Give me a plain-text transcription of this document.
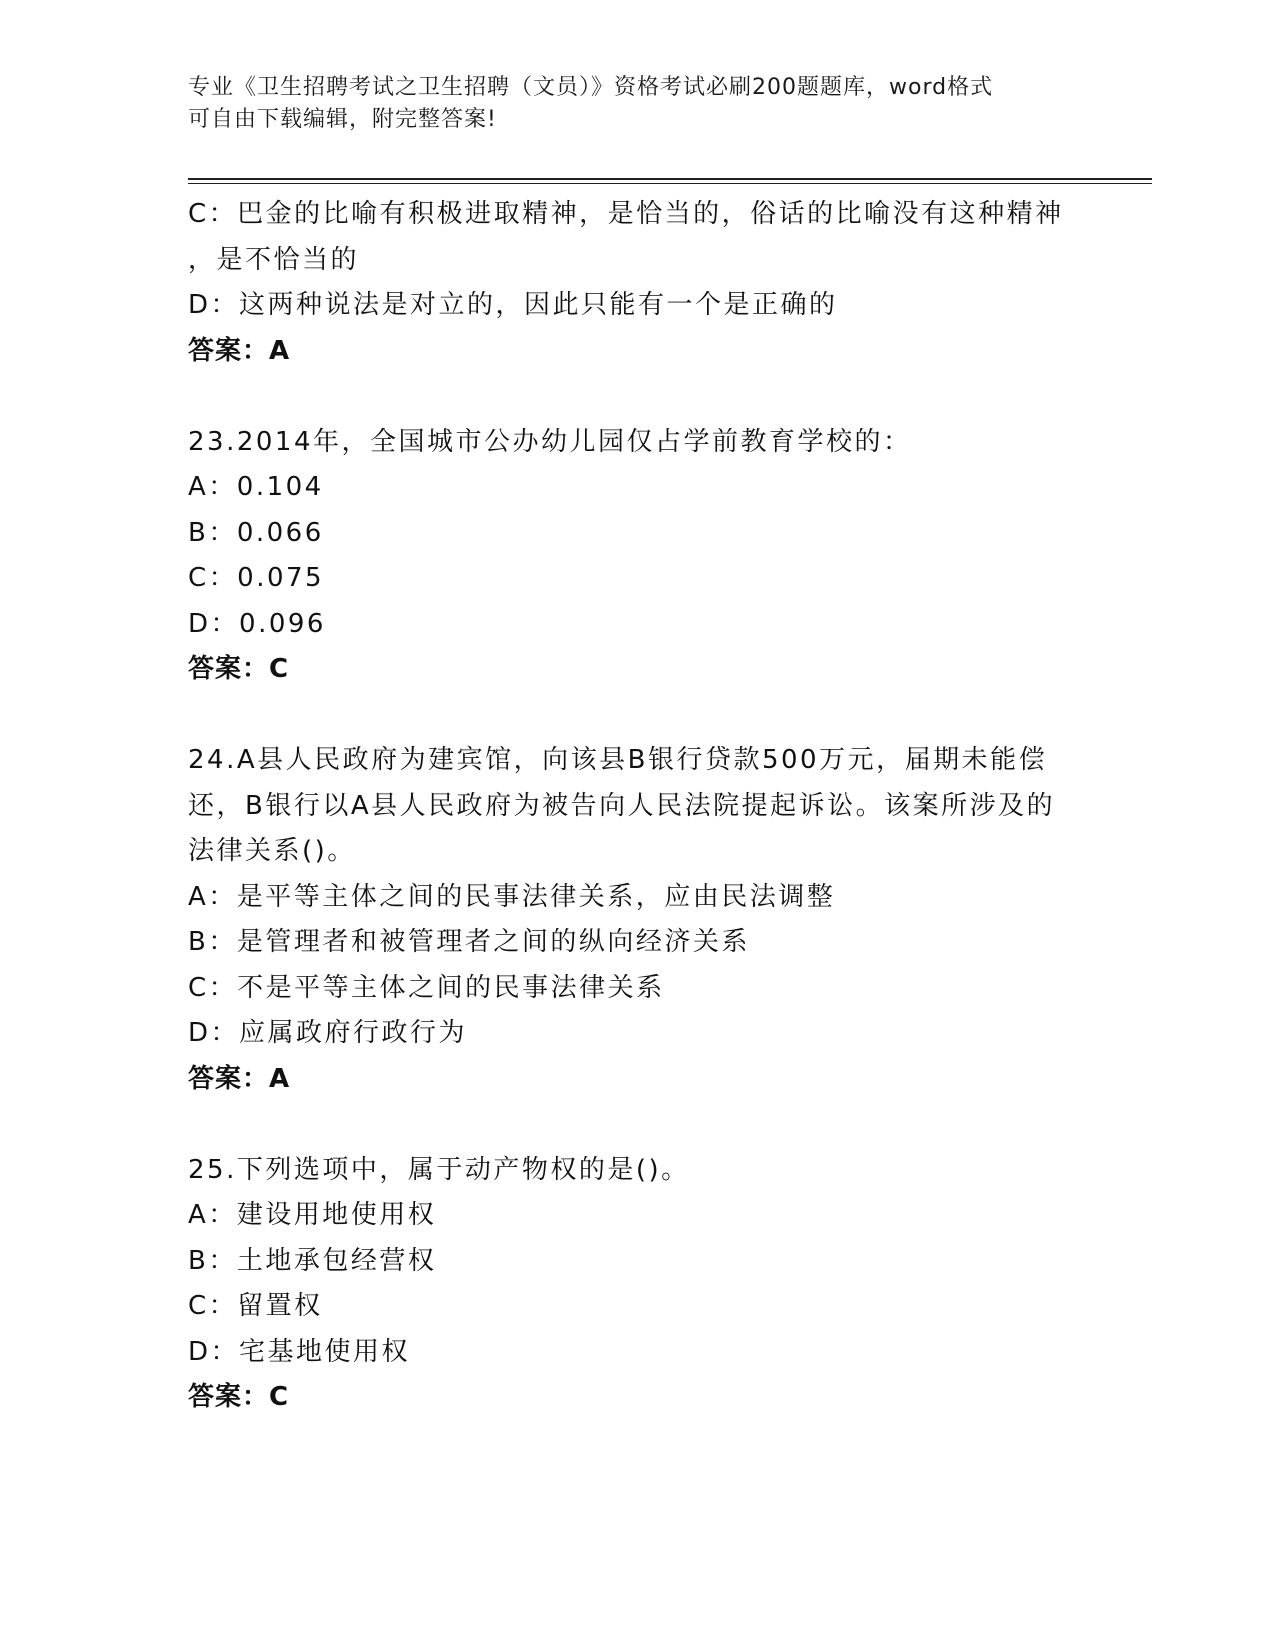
专业《卫生招聘考试之卫生招聘（文员）》资格考试必刷200题题库，word格式
可自由下载编辑，附完整答案!
C：巴金的比喻有积极进取精神，是恰当的，俗话的比喻没有这种精神
，是不恰当的
D：这两种说法是对立的，因此只能有一个是正确的
答案：A
23.2014年，全国城市公办幼儿园仅占学前教育学校的：
A：0.104
B：0.066
C：0.075
D：0.096
答案：C
24.A县人民政府为建宾馆，向该县B银行贷款500万元，届期未能偿
还，B银行以A县人民政府为被告向人民法院提起诉讼。该案所涉及的
法律关系()。
A：是平等主体之间的民事法律关系，应由民法调整
B：是管理者和被管理者之间的纵向经济关系
C：不是平等主体之间的民事法律关系
D：应属政府行政行为
答案：A
25.下列选项中，属于动产物权的是()。
A：建设用地使用权
B：土地承包经营权
C：留置权
D：宅基地使用权
答案：C
